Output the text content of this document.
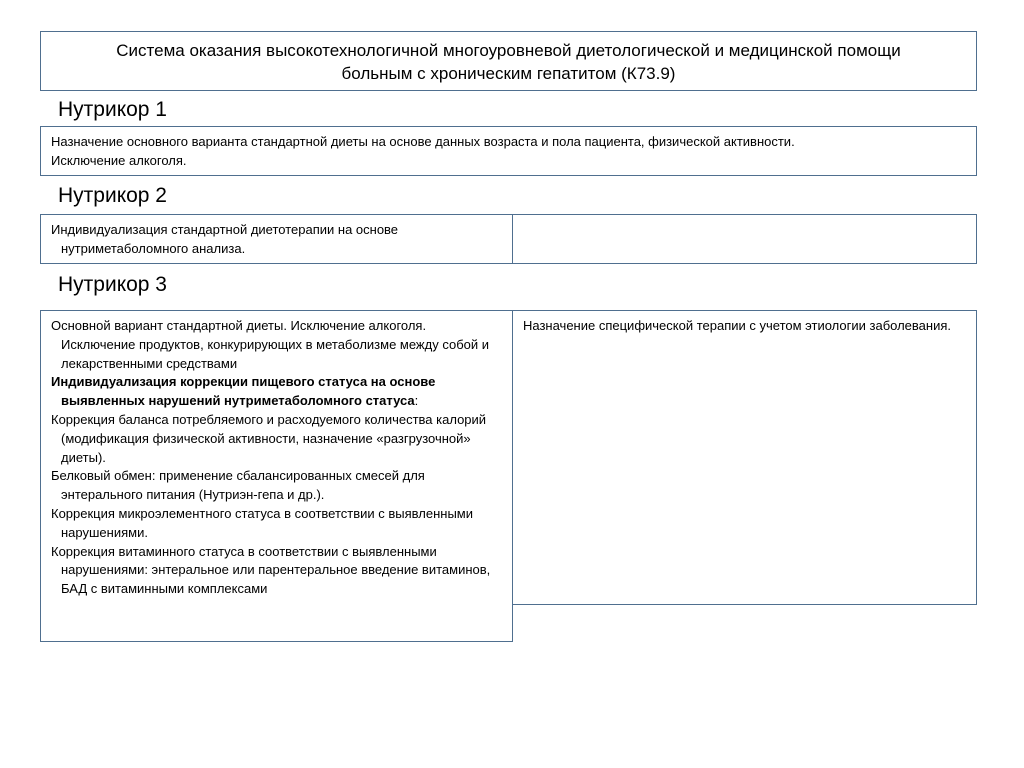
Система оказания высокотехнологичной многоуровневой диетологической и медицинской помощи
больным с хроническим гепатитом (К73.9)
Нутрикор 1

Назначение основного варианта стандартной диеты на основе данных возраста и пола пациента, физической активности.

Исключение алкоголя.

Нутрикор 2

Индивидуализация стандартной диетотерапии на основе нутриметаболомного анализа.

Нутрикор 3

Основной вариант стандартной диеты. Исключение алкоголя. Исключение продуктов, конкурирующих в метаболизме между собой и лекарственными средствами

Индивидуализация коррекции пищевого статуса на основе выявленных нарушений нутриметаболомного статуса:

Коррекция баланса потребляемого и расходуемого количества калорий (модификация физической активности, назначение «разгрузочной» диеты).

Белковый обмен: применение сбалансированных смесей для энтерального питания (Нутриэн-гепа и др.).

Коррекция микроэлементного статуса в соответствии с выявленными нарушениями.

Коррекция витаминного статуса в соответствии с выявленными нарушениями: энтеральное или парентеральное введение витаминов, БАД с витаминными комплексами

Назначение специфической терапии с учетом этиологии заболевания.
